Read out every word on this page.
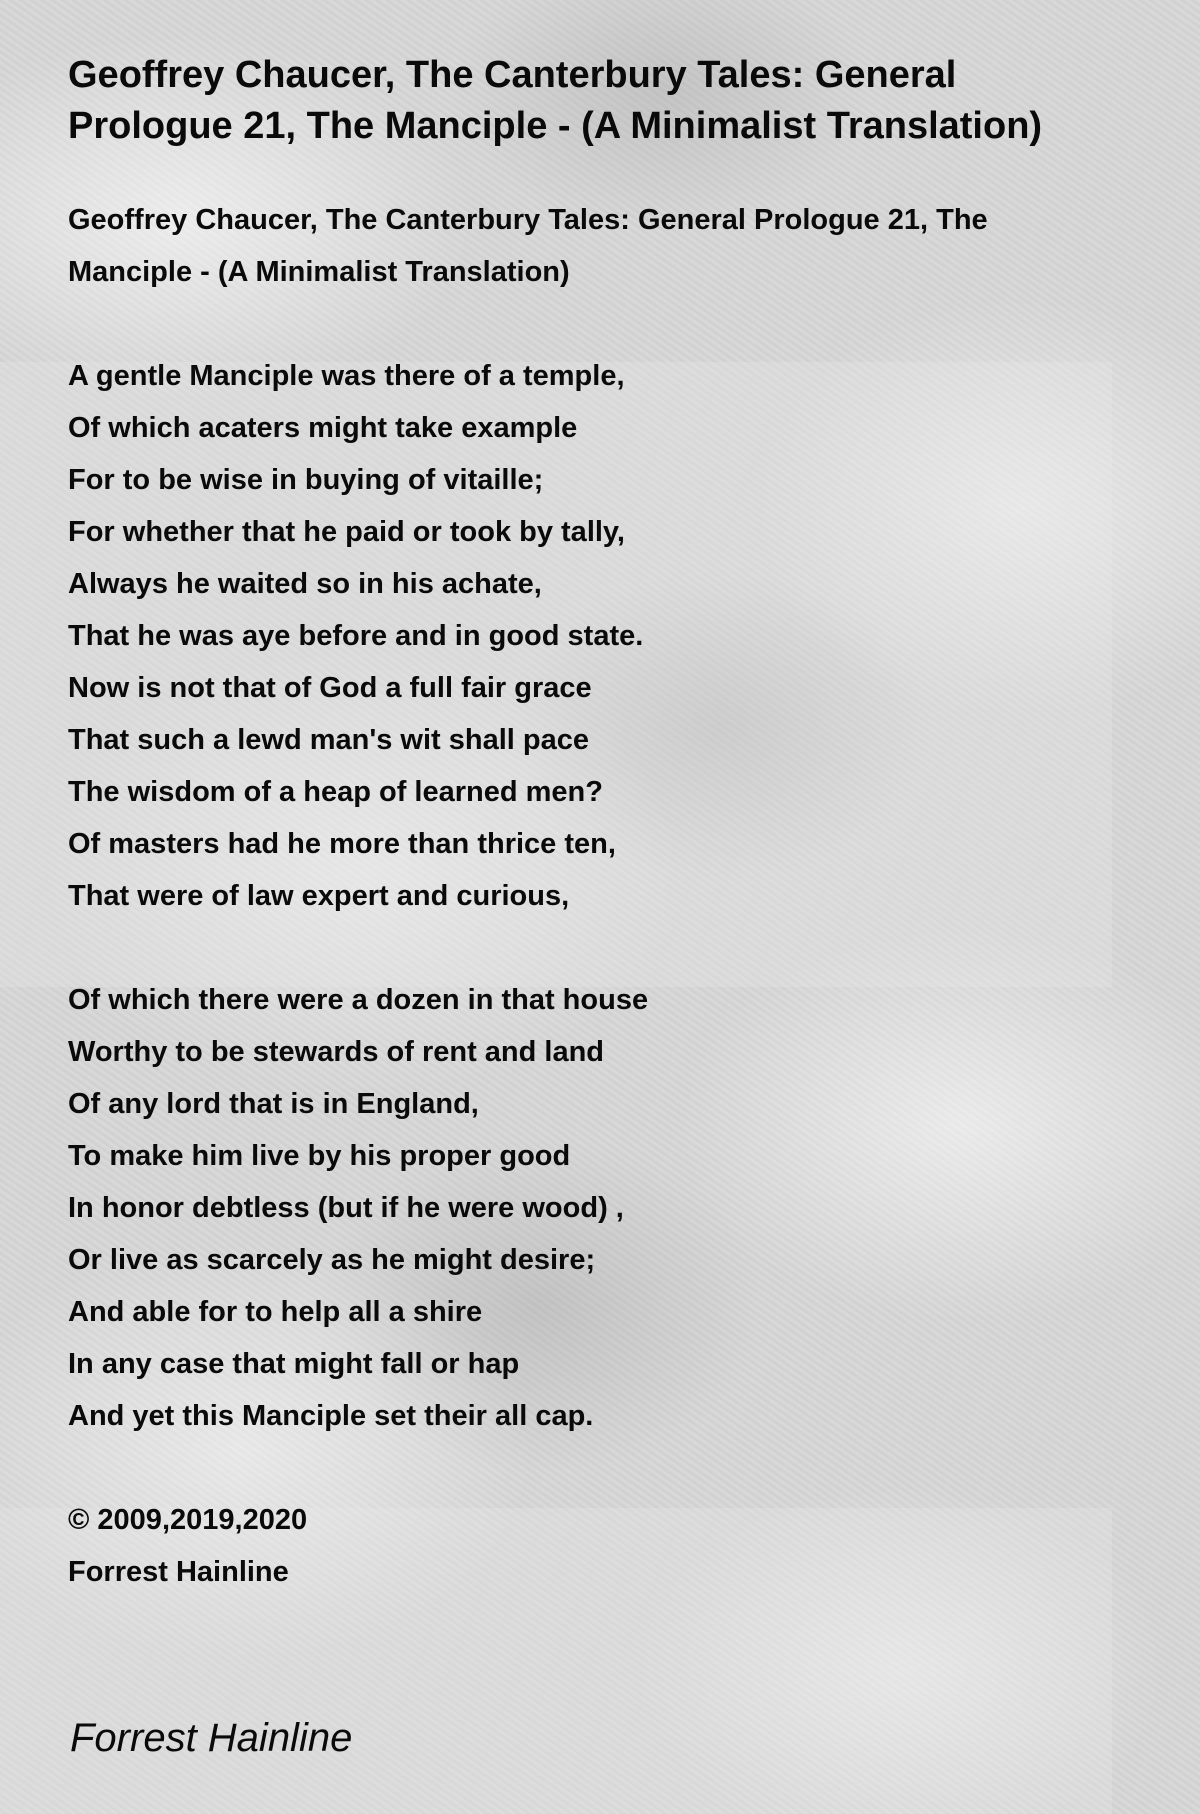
Geoffrey Chaucer, The Canterbury Tales: General Prologue 21, The Manciple - (A Minimalist Translation)
Geoffrey Chaucer, The Canterbury Tales: General Prologue 21, The Manciple - (A Minimalist Translation)
A gentle Manciple was there of a temple,
Of which acaters might take example
For to be wise in buying of vitaille;
For whether that he paid or took by tally,
Always he waited so in his achate,
That he was aye before and in good state.
Now is not that of God a full fair grace
That such a lewd man's wit shall pace
The wisdom of a heap of learned men?
Of masters had he more than thrice ten,
That were of law expert and curious,
Of which there were a dozen in that house
Worthy to be stewards of rent and land
Of any lord that is in England,
To make him live by his proper good
In honor debtless (but if he were wood) ,
Or live as scarcely as he might desire;
And able for to help all a shire
In any case that might fall or hap
And yet this Manciple set their all cap.
© 2009,2019,2020
Forrest Hainline
Forrest Hainline
